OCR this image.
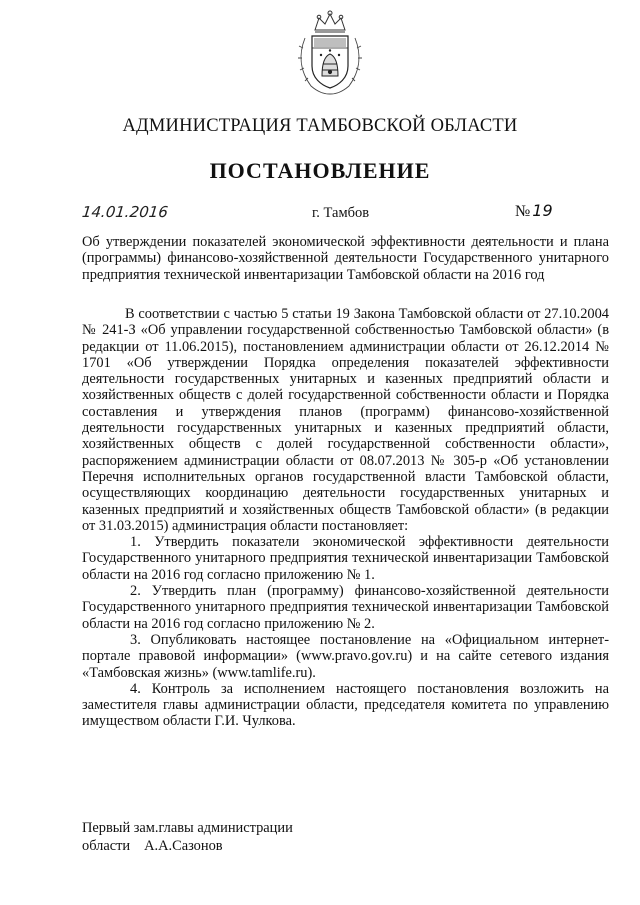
АДМИНИСТРАЦИЯ ТАМБОВСКОЙ ОБЛАСТИ
ПОСТАНОВЛЕНИЕ
14.01.2016	г. Тамбов	№ 19
Об утверждении показателей экономической эффективности деятельности и плана (программы) финансово-хозяйственной деятельности Государственного унитарного предприятия технической инвентаризации Тамбовской области на 2016 год

В соответствии с частью 5 статьи 19 Закона Тамбовской области от 27.10.2004 № 241-З «Об управлении государственной собственностью Тамбовской области» (в редакции от 11.06.2015), постановлением администрации области от 26.12.2014 № 1701 «Об утверждении Порядка определения показателей эффективности деятельности государственных унитарных и казенных предприятий области и хозяйственных обществ с долей государственной собственности области и Порядка составления и утверждения планов (программ) финансово-хозяйственной деятельности государственных унитарных и казенных предприятий области, хозяйственных обществ с долей государственной собственности области», распоряжением администрации области от 08.07.2013 № 305-р «Об установлении Перечня исполнительных органов государственной власти Тамбовской области, осуществляющих координацию деятельности государственных унитарных и казенных предприятий и хозяйственных обществ Тамбовской области» (в редакции от 31.03.2015) администрация области постановляет:

1. Утвердить показатели экономической эффективности деятельности Государственного унитарного предприятия технической инвентаризации Тамбовской области на 2016 год согласно приложению № 1.

2. Утвердить план (программу) финансово-хозяйственной деятельности Государственного унитарного предприятия технической инвентаризации Тамбовской области на 2016 год согласно приложению № 2.

3. Опубликовать настоящее постановление на «Официальном интернет-портале правовой информации» (www.pravo.gov.ru) и на сайте сетевого издания «Тамбовская жизнь» (www.tamlife.ru).

4. Контроль за исполнением настоящего постановления возложить на заместителя главы администрации области, председателя комитета по управлению имуществом области Г.И. Чулкова.

Первый зам.главы администрации
области А.А.Сазонов
